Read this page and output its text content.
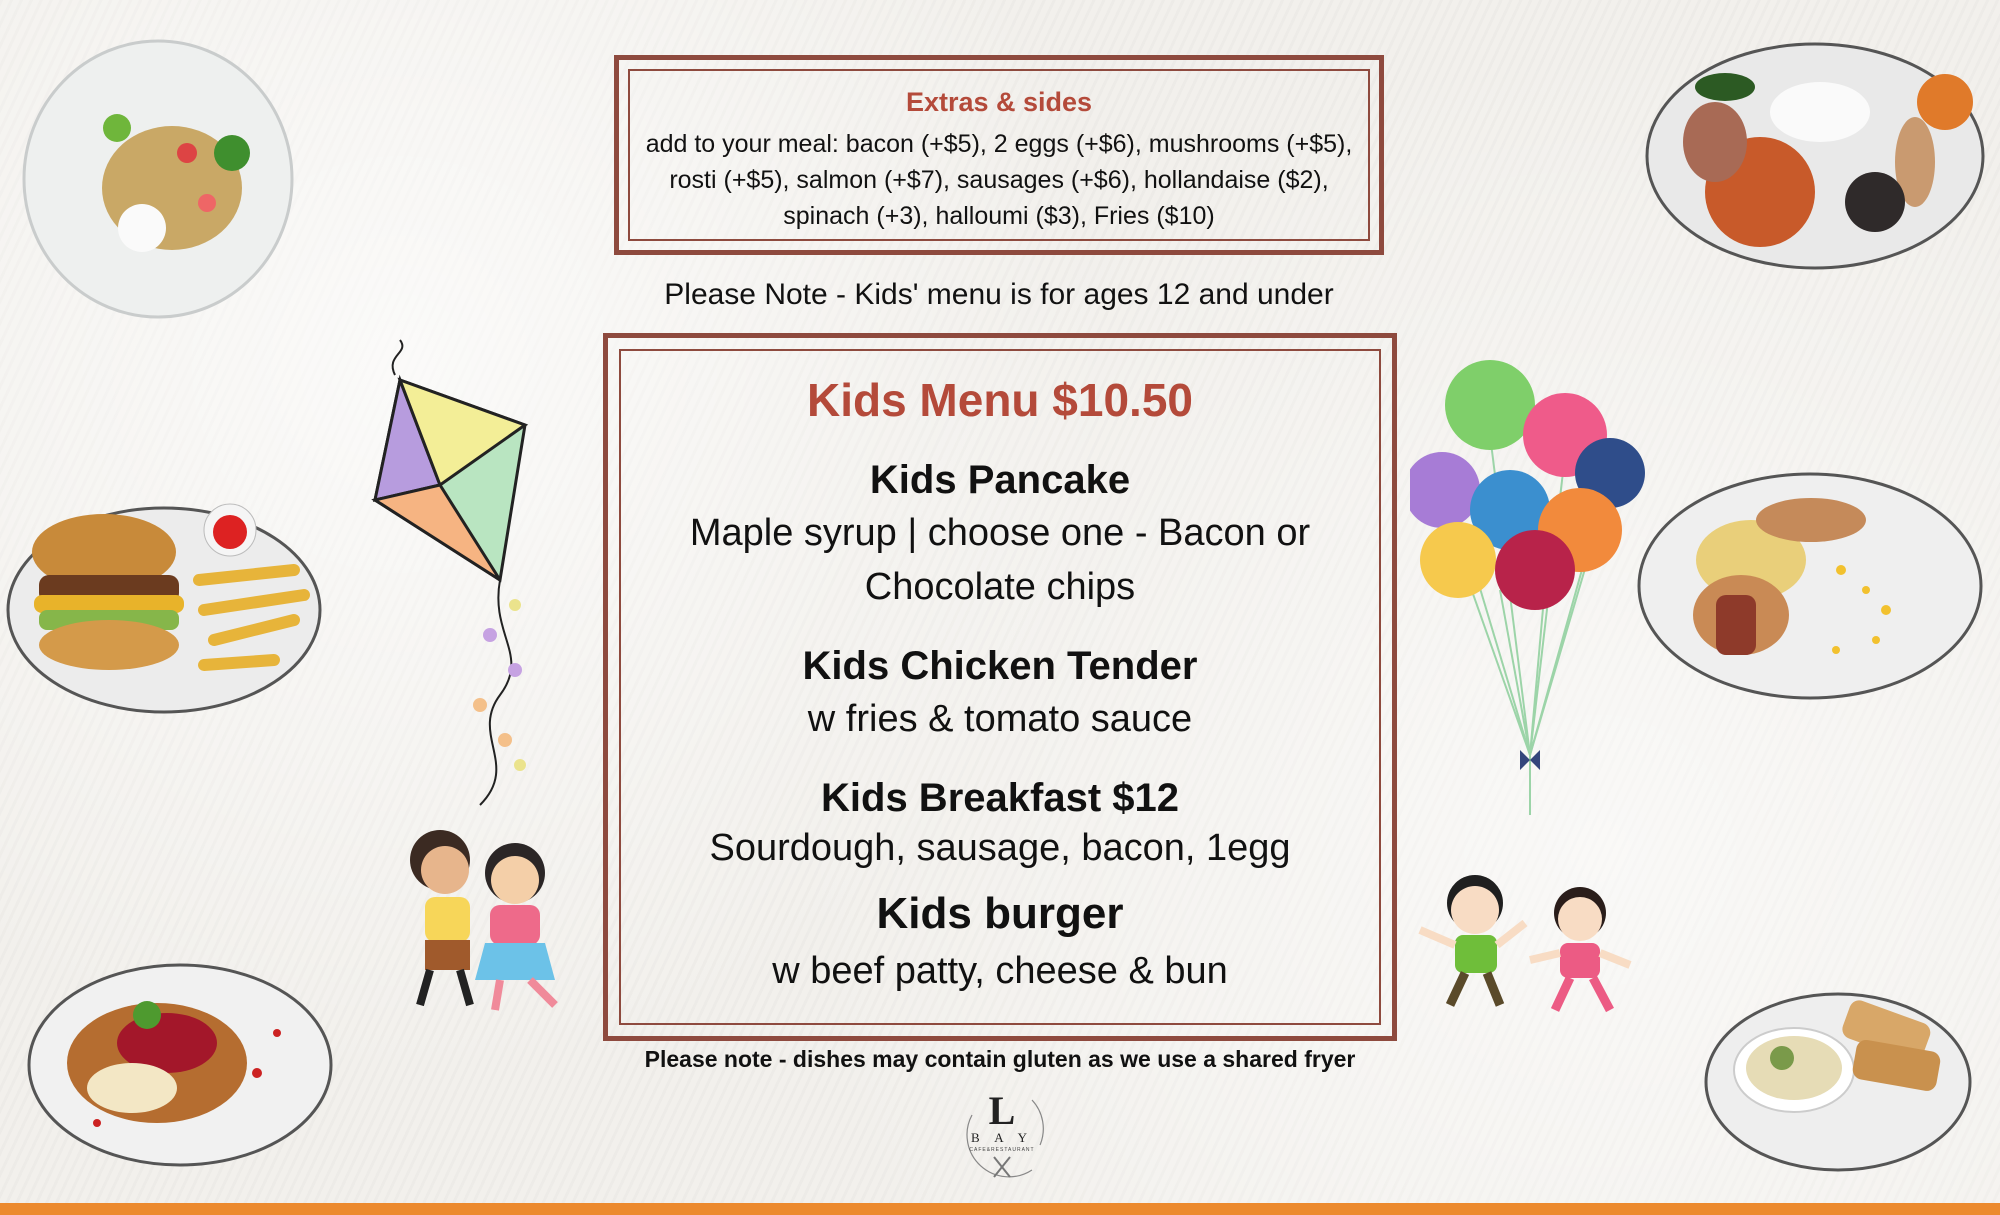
Extras & sides
add to your meal: bacon (+$5), 2 eggs (+$6), mushrooms (+$5), rosti (+$5), salmon (+$7), sausages (+$6), hollandaise ($2), spinach (+3), halloumi ($3), Fries ($10)
Please Note - Kids' menu is for ages 12 and under
Kids Menu $10.50
Kids Pancake
Maple syrup | choose one - Bacon or Chocolate chips
Kids Chicken Tender
w fries & tomato sauce
Kids Breakfast $12
Sourdough, sausage, bacon, 1egg
Kids burger
w beef patty, cheese & bun
Please note - dishes may contain gluten as we use a shared fryer
L
B A Y
CAFE&RESTAURANT
